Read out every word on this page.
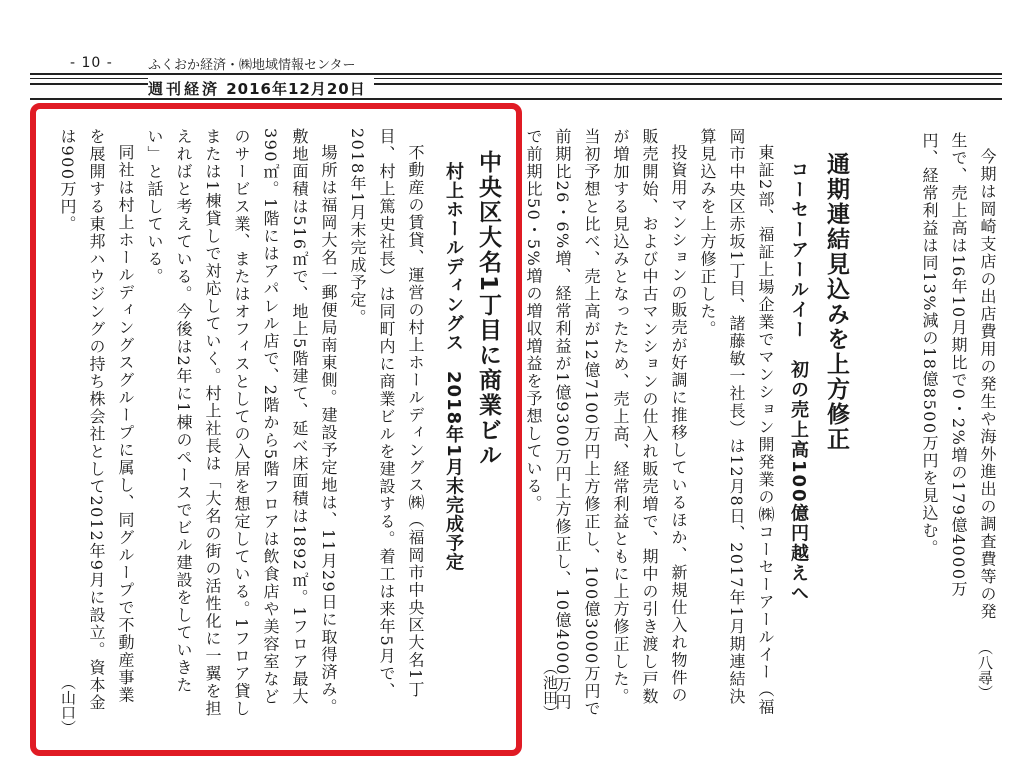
- 10 -	ふくおか経済・㈱地域情報センター
週刊経済 2016年12月20日

今期は岡崎支店の出店費用の発生や海外進出の調査費等の発生で、売上高は16年10月期比で0・2%増の179億4000万円、経常利益は同13%減の18億8500万円を見込む。

（八尋）
通期連結見込みを上方修正
コーセーアールイー　初の売上高100億円越えへ

東証2部、福証上場企業でマンション開発業の㈱コーセーアールイー（福岡市中央区赤坂1丁目、諸藤敏一社長）は12月8日、2017年1月期連結決算見込みを上方修正した。

投資用マンションの販売が好調に推移しているほか、新規仕入れ物件の販売開始、および中古マンションの仕入れ販売増で、期中の引き渡し戸数が増加する見込みとなったため、売上高、経常利益ともに上方修正した。当初予想と比べ、売上高が12億7100万円上方修正し、100億3000万円で前期比26・6%増、経常利益が1億9300万円上方修正し、10億4000万円で前期比50・5%増の増収増益を予想している。

（池田）
中央区大名1丁目に商業ビル
村上ホールディングス　2018年1月末完成予定

不動産の賃貸、運営の村上ホールディングス㈱（福岡市中央区大名1丁目、村上篤史社長）は同町内に商業ビルを建設する。着工は来年5月で、2018年1月末完成予定。

場所は福岡大名一郵便局南東側。建設予定地は、11月29日に取得済み。敷地面積は516㎡で、地上5階建て、延べ床面積は1892㎡。1フロア最大390㎡。1階にはアパレル店で、2階から5階フロアは飲食店や美容室などのサービス業、またはオフィスとしての入居を想定している。1フロア貸しまたは1棟貸しで対応していく。村上社長は「大名の街の活性化に一翼を担えればと考えている。今後は2年に1棟のペースでビル建設をしていきたい」と話している。

同社は村上ホールディングスグループに属し、同グループで不動産事業を展開する東邦ハウジングの持ち株会社として2012年9月に設立。資本金は900万円。

（山口）
